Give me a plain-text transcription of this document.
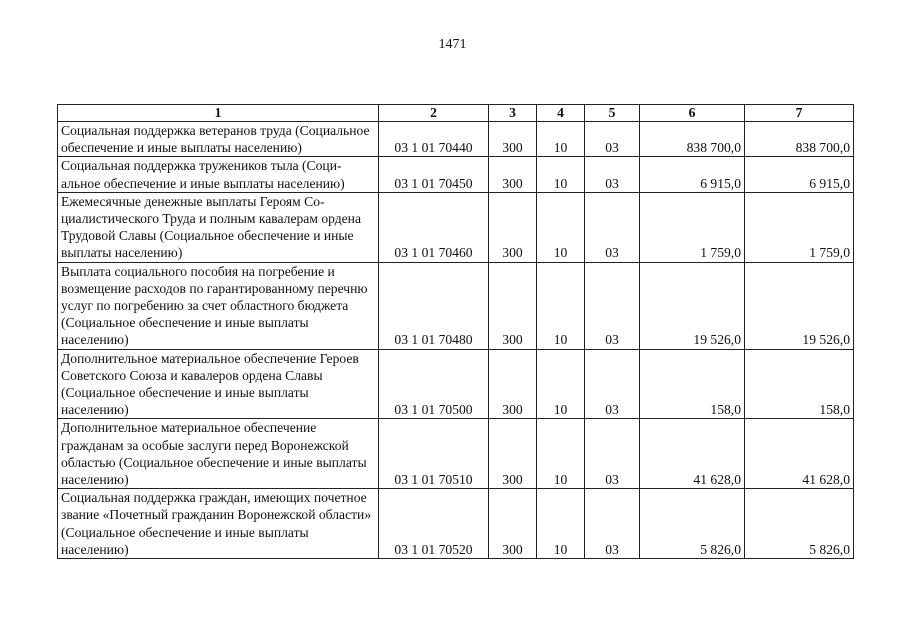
1471
1	2	3	4	5	6	7
Социальная поддержка ветеранов труда (Социальное обеспечение и иные выплаты населению)	03 1 01 70440	300	10	03	838 700,0	838 700,0
Социальная поддержка тружеников тыла (Социальное обеспечение и иные выплаты населению)	03 1 01 70450	300	10	03	6 915,0	6 915,0
Ежемесячные денежные выплаты Героям Социалистического Труда и полным кавалерам ордена Трудовой Славы (Социальное обеспечение и иные выплаты населению)	03 1 01 70460	300	10	03	1 759,0	1 759,0
Выплата социального пособия на погребение и возмещение расходов по гарантированному перечню услуг по погребению за счет областного бюджета (Социальное обеспечение и иные выплаты населению)	03 1 01 70480	300	10	03	19 526,0	19 526,0
Дополнительное материальное обеспечение Героев Советского Союза и кавалеров ордена Славы (Социальное обеспечение и иные выплаты населению)	03 1 01 70500	300	10	03	158,0	158,0
Дополнительное материальное обеспечение гражданам за особые заслуги перед Воронежской областью (Социальное обеспечение и иные выплаты населению)	03 1 01 70510	300	10	03	41 628,0	41 628,0
Социальная поддержка граждан, имеющих почетное звание «Почетный гражданин Воронежской области» (Социальное обеспечение и иные выплаты населению)	03 1 01 70520	300	10	03	5 826,0	5 826,0
